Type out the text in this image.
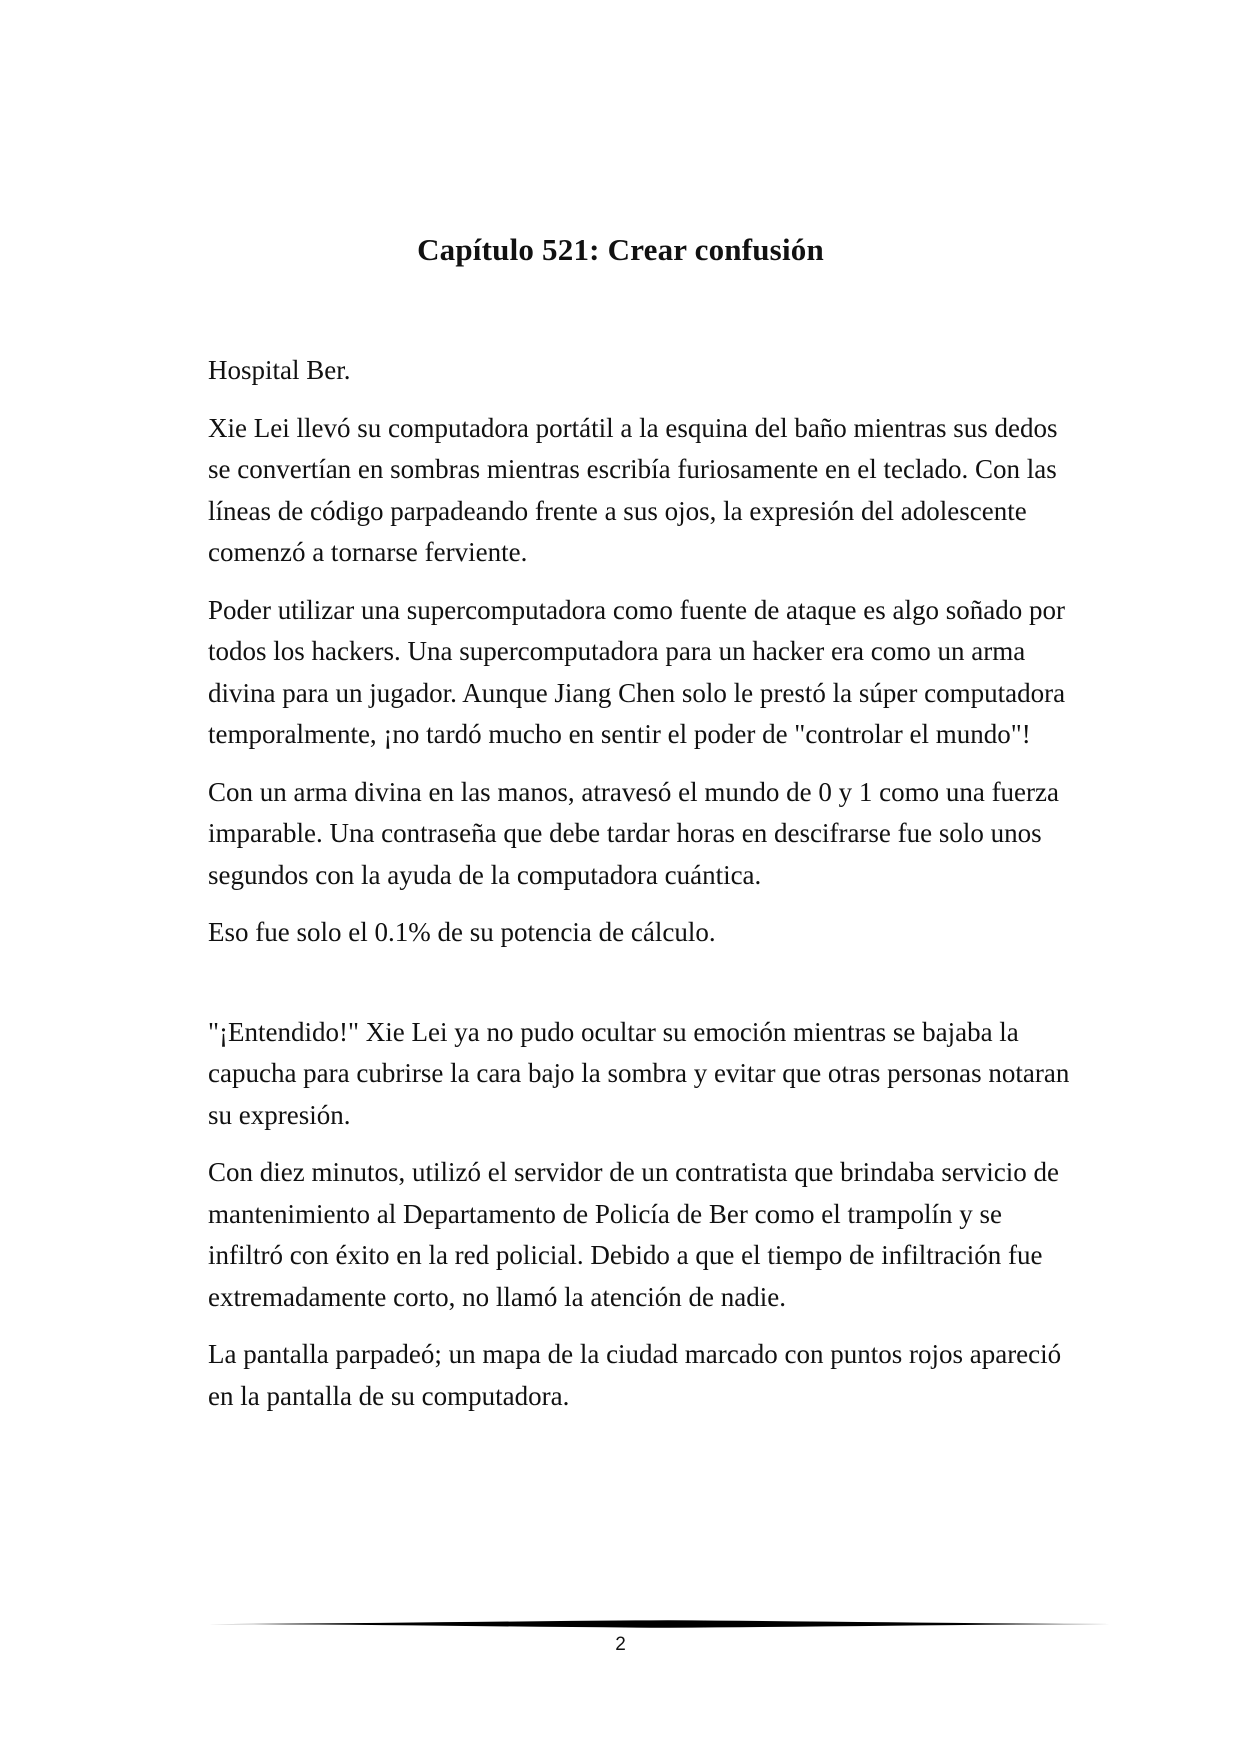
Capítulo 521: Crear confusión

Hospital Ber.

Xie Lei llevó su computadora portátil a la esquina del baño mientras sus dedos se convertían en sombras mientras escribía furiosamente en el teclado. Con las líneas de código parpadeando frente a sus ojos, la expresión del adolescente comenzó a tornarse ferviente.

Poder utilizar una supercomputadora como fuente de ataque es algo soñado por todos los hackers. Una supercomputadora para un hacker era como un arma divina para un jugador. Aunque Jiang Chen solo le prestó la súper computadora temporalmente, ¡no tardó mucho en sentir el poder de "controlar el mundo"!

Con un arma divina en las manos, atravesó el mundo de 0 y 1 como una fuerza imparable. Una contraseña que debe tardar horas en descifrarse fue solo unos segundos con la ayuda de la computadora cuántica.

Eso fue solo el 0.1% de su potencia de cálculo.

"¡Entendido!" Xie Lei ya no pudo ocultar su emoción mientras se bajaba la capucha para cubrirse la cara bajo la sombra y evitar que otras personas notaran su expresión.

Con diez minutos, utilizó el servidor de un contratista que brindaba servicio de mantenimiento al Departamento de Policía de Ber como el trampolín y se infiltró con éxito en la red policial. Debido a que el tiempo de infiltración fue extremadamente corto, no llamó la atención de nadie.

La pantalla parpadeó; un mapa de la ciudad marcado con puntos rojos apareció en la pantalla de su computadora.

2
